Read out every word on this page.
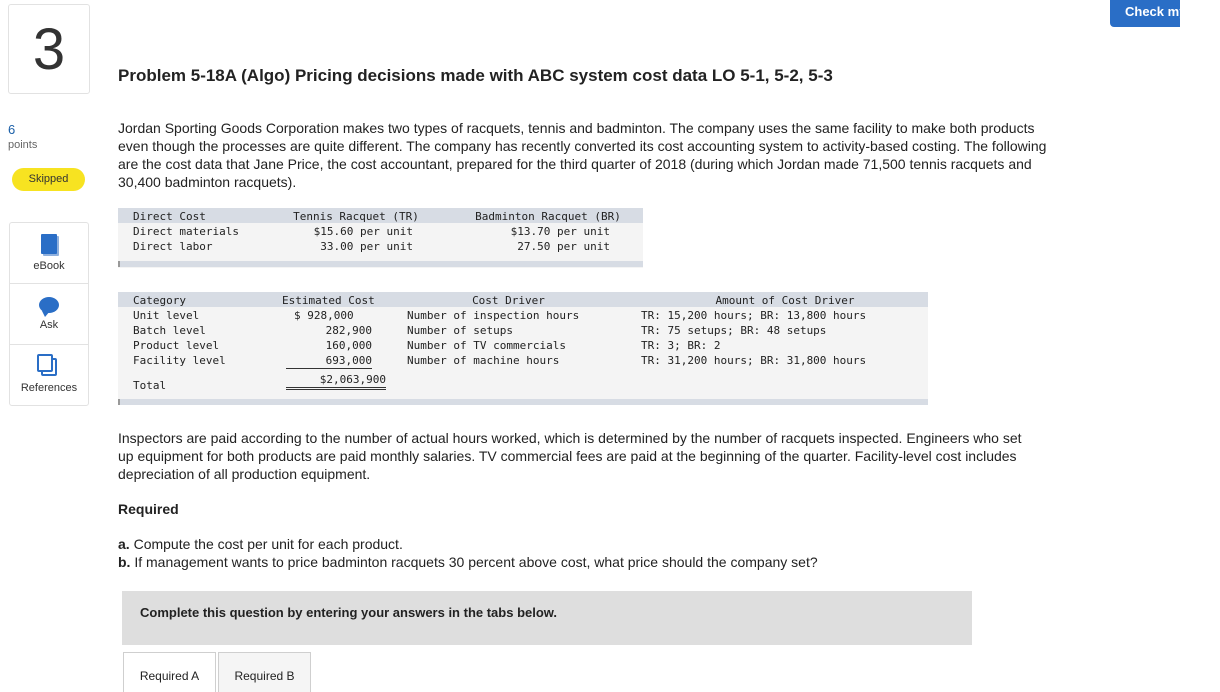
3
6
points
Skipped
eBook
Ask
References
Check my work
Problem 5-18A (Algo) Pricing decisions made with ABC system cost data LO 5-1, 5-2, 5-3
Jordan Sporting Goods Corporation makes two types of racquets, tennis and badminton. The company uses the same facility to make both products even though the processes are quite different. The company has recently converted its cost accounting system to activity-based costing. The following are the cost data that Jane Price, the cost accountant, prepared for the third quarter of 2018 (during which Jordan made 71,500 tennis racquets and 30,400 badminton racquets).
Direct Cost	Tennis Racquet (TR)	Badminton Racquet (BR)
Direct materials	$15.60 per unit	$13.70 per unit
Direct labor	33.00 per unit	27.50 per unit
Category	Estimated Cost	Cost Driver	Amount of Cost Driver
Unit level	$ 928,000	Number of inspection hours	TR: 15,200 hours; BR: 13,800 hours
Batch level	282,900	Number of setups	TR: 75 setups; BR: 48 setups
Product level	160,000	Number of TV commercials	TR: 3; BR: 2
Facility level	693,000	Number of machine hours	TR: 31,200 hours; BR: 31,800 hours
Total	$2,063,900
Inspectors are paid according to the number of actual hours worked, which is determined by the number of racquets inspected. Engineers who set up equipment for both products are paid monthly salaries. TV commercial fees are paid at the beginning of the quarter. Facility-level cost includes depreciation of all production equipment.
Required
a. Compute the cost per unit for each product.
b. If management wants to price badminton racquets 30 percent above cost, what price should the company set?
Complete this question by entering your answers in the tabs below.
Required A	Required B
